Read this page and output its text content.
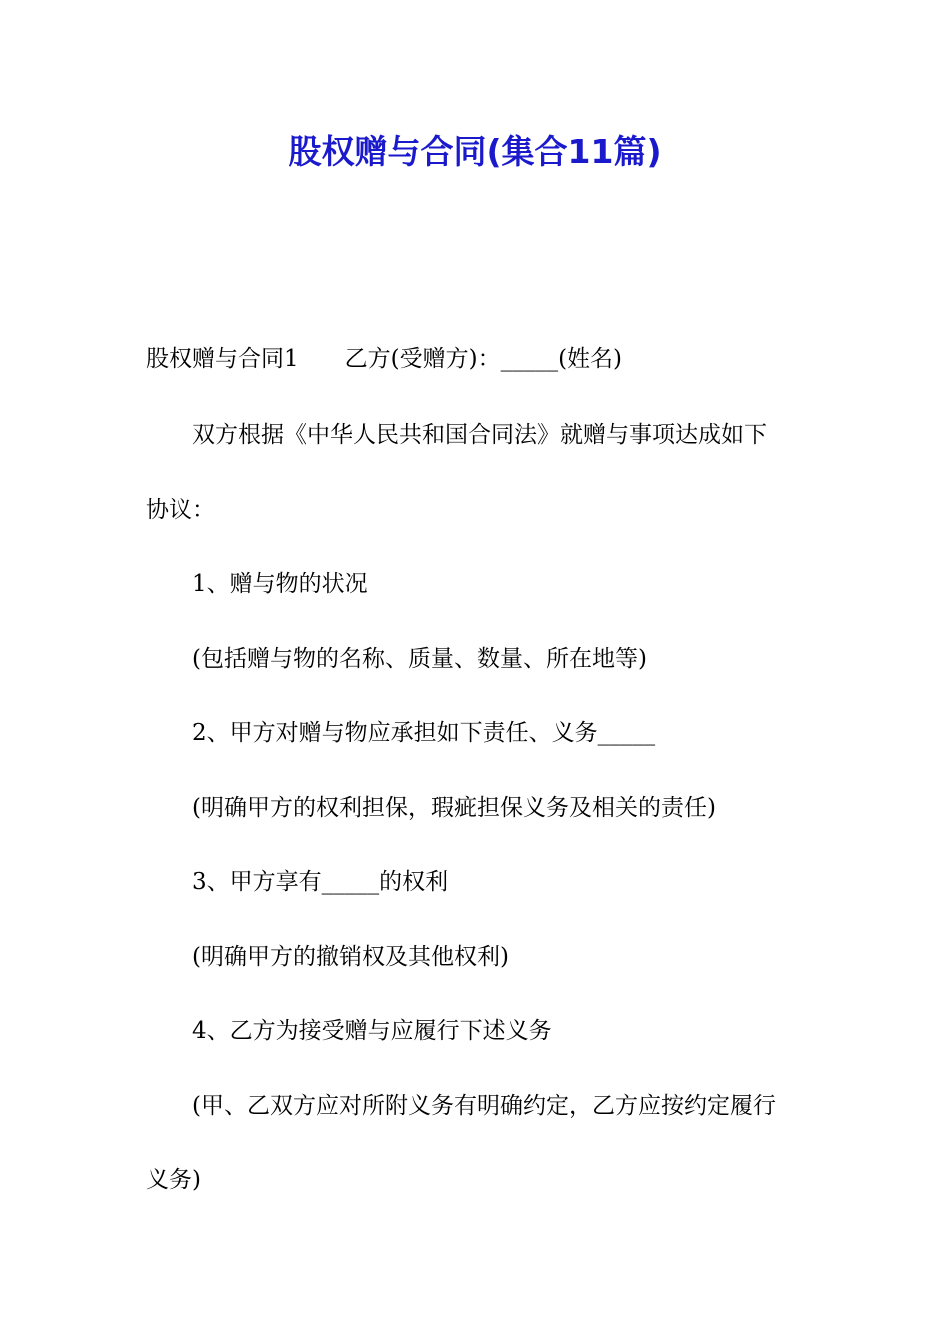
股权赠与合同(集合11篇)
股权赠与合同1　　乙方(受赠方)：_____(姓名)
双方根据《中华人民共和国合同法》就赠与事项达成如下
协议：
1、赠与物的状况
(包括赠与物的名称、质量、数量、所在地等)
2、甲方对赠与物应承担如下责任、义务_____
(明确甲方的权利担保，瑕疵担保义务及相关的责任)
3、甲方享有_____的权利
(明确甲方的撤销权及其他权利)
4、乙方为接受赠与应履行下述义务
(甲、乙双方应对所附义务有明确约定，乙方应按约定履行
义务)
